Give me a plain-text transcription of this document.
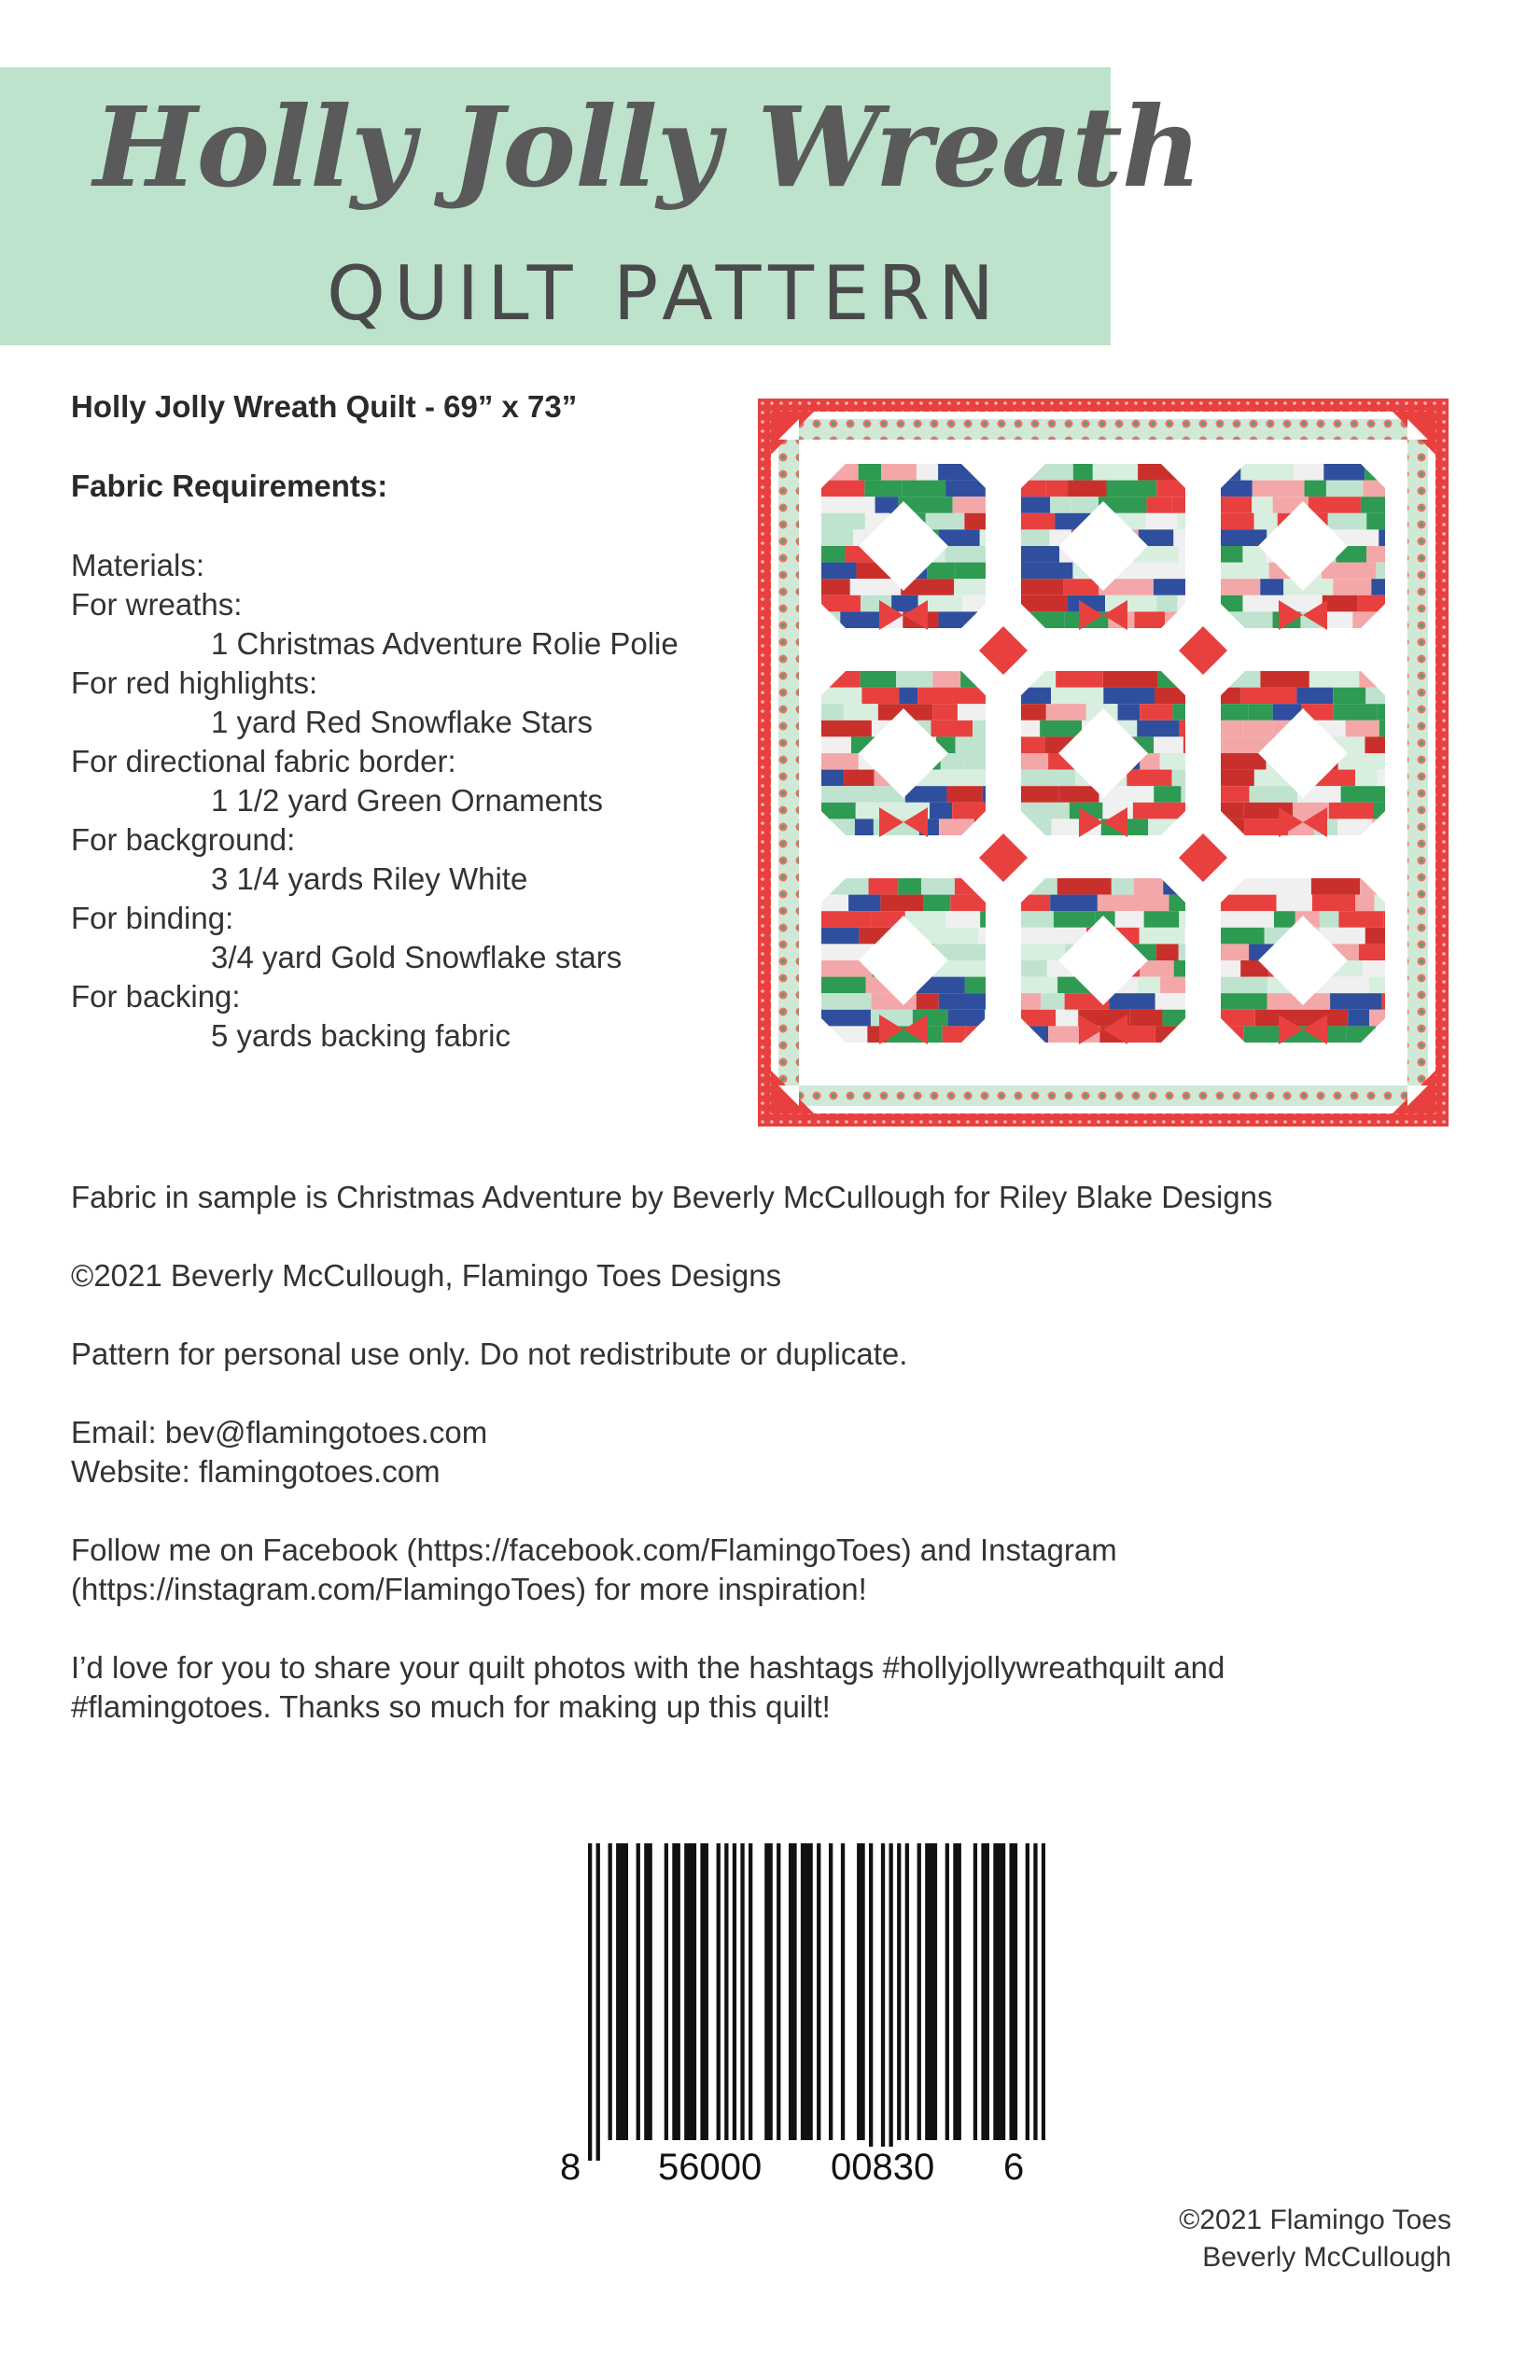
Holly Jolly Wreath
QUILT PATTERN
Holly Jolly Wreath Quilt - 69” x 73”
Fabric Requirements:
Materials:
For wreaths:
1 Christmas Adventure Rolie Polie
For red highlights:
1 yard Red Snowflake Stars
For directional fabric border:
1 1/2 yard Green Ornaments
For background:
3 1/4 yards Riley White
For binding:
3/4 yard Gold Snowflake stars
For backing:
5 yards backing fabric
Fabric in sample is Christmas Adventure by Beverly McCullough for Riley Blake Designs
©2021 Beverly McCullough, Flamingo Toes Designs
Pattern for personal use only. Do not redistribute or duplicate.
Email: bev@flamingotoes.com
Website: flamingotoes.com
Follow me on Facebook (https://facebook.com/FlamingoToes) and Instagram
(https://instagram.com/FlamingoToes) for more inspiration!
I’d love for you to share your quilt photos with the hashtags #hollyjollywreathquilt and
#flamingotoes. Thanks so much for making up this quilt!
8 56000 00830 6
©2021 Flamingo Toes
Beverly McCullough
